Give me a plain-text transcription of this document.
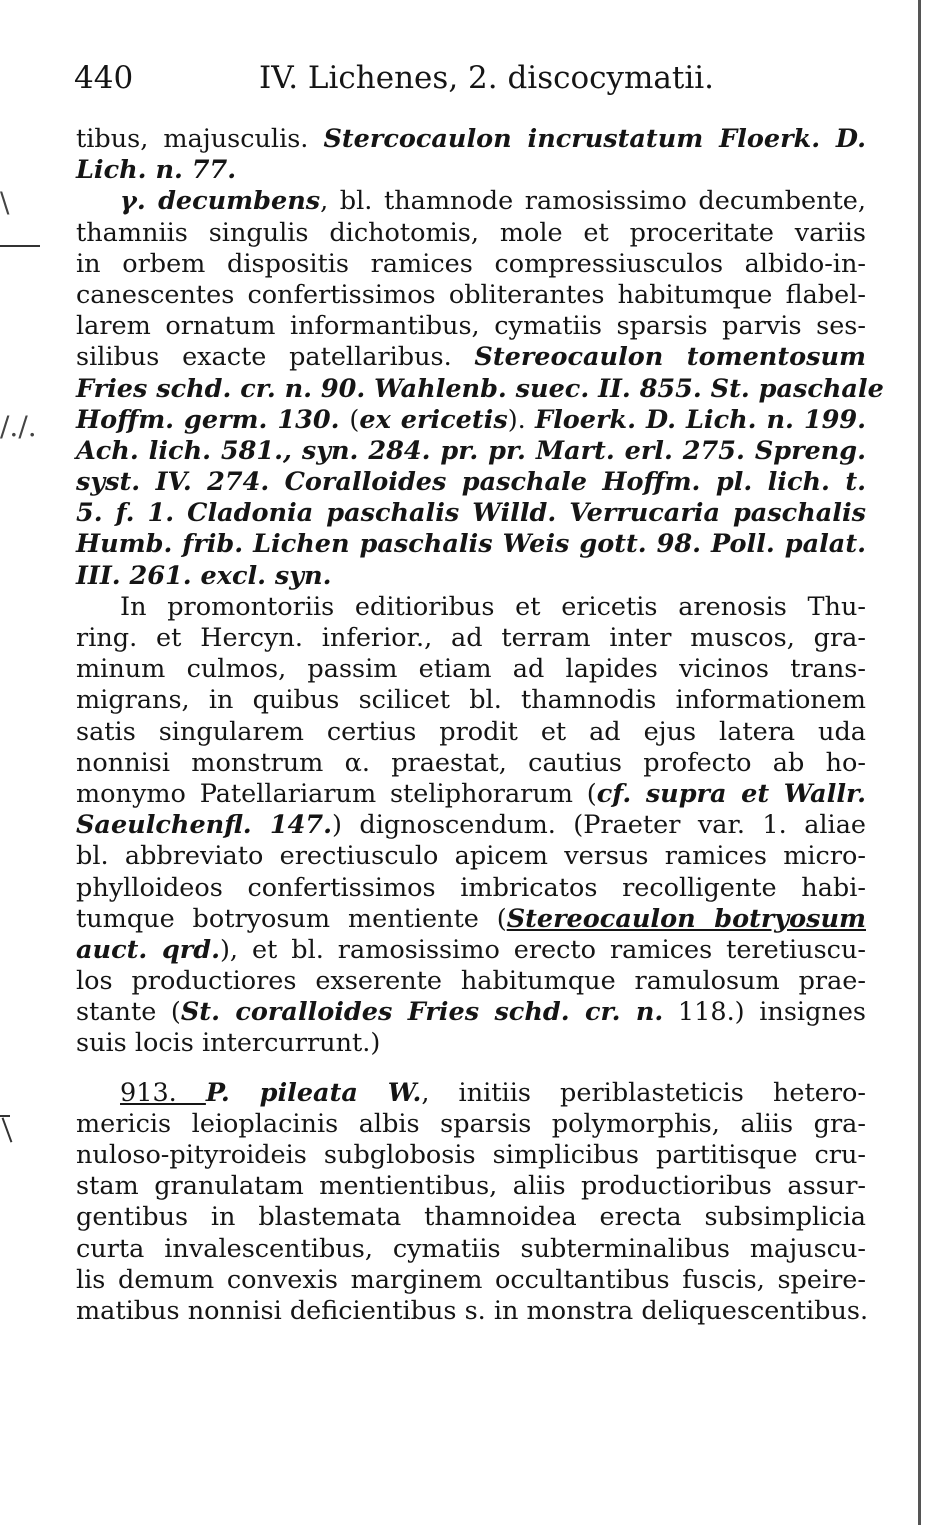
440	IV. Lichenes, 2. discocymatii.
\
/./.
tibus, majusculis. Stercocaulon incrustatum Floerk. D.
Lich. n. 77.
γ. decumbens, bl. thamnode ramosissimo decumbente,
thamniis singulis dichotomis, mole et proceritate variis
in orbem dispositis ramices compressiusculos albido-in-
canescentes confertissimos obliterantes habitumque flabel-
larem ornatum informantibus, cymatiis sparsis parvis ses-
silibus exacte patellaribus. Stereocaulon tomentosum
Fries schd. cr. n. 90. Wahlenb. suec. II. 855. St. paschale
Hoffm. germ. 130. (ex ericetis). Floerk. D. Lich. n. 199.
Ach. lich. 581., syn. 284. pr. pr. Mart. erl. 275. Spreng.
syst. IV. 274. Coralloides paschale Hoffm. pl. lich. t.
5. f. 1. Cladonia paschalis Willd. Verrucaria paschalis
Humb. frib. Lichen paschalis Weis gott. 98. Poll. palat.
III. 261. excl. syn.
In promontoriis editioribus et ericetis arenosis Thu-
ring. et Hercyn. inferior., ad terram inter muscos, gra-
minum culmos, passim etiam ad lapides vicinos trans-
migrans, in quibus scilicet bl. thamnodis informationem
satis singularem certius prodit et ad ejus latera uda
nonnisi monstrum α. praestat, cautius profecto ab ho-
monymo Patellariarum steliphorarum (cf. supra et Wallr.
Saeulchenfl. 147.) dignoscendum. (Praeter var. 1. aliae
bl. abbreviato erectiusculo apicem versus ramices micro-
phylloideos confertissimos imbricatos recolligente habi-
tumque botryosum mentiente (Stereocaulon botryosum
auct. qrd.), et bl. ramosissimo erecto ramices teretiuscu-
los productiores exserente habitumque ramulosum prae-
stante (St. coralloides Fries schd. cr. n. 118.) insignes
suis locis intercurrunt.)
913. P. pileata W., initiis periblasteticis hetero-
mericis leioplacinis albis sparsis polymorphis, aliis gra-
nuloso-pityroideis subglobosis simplicibus partitisque cru-
stam granulatam mentientibus, aliis productioribus assur-
gentibus in blastemata thamnoidea erecta subsimplicia
curta invalescentibus, cymatiis subterminalibus majuscu-
lis demum convexis marginem occultantibus fuscis, speire-
matibus nonnisi deficientibus s. in monstra deliquescentibus.
